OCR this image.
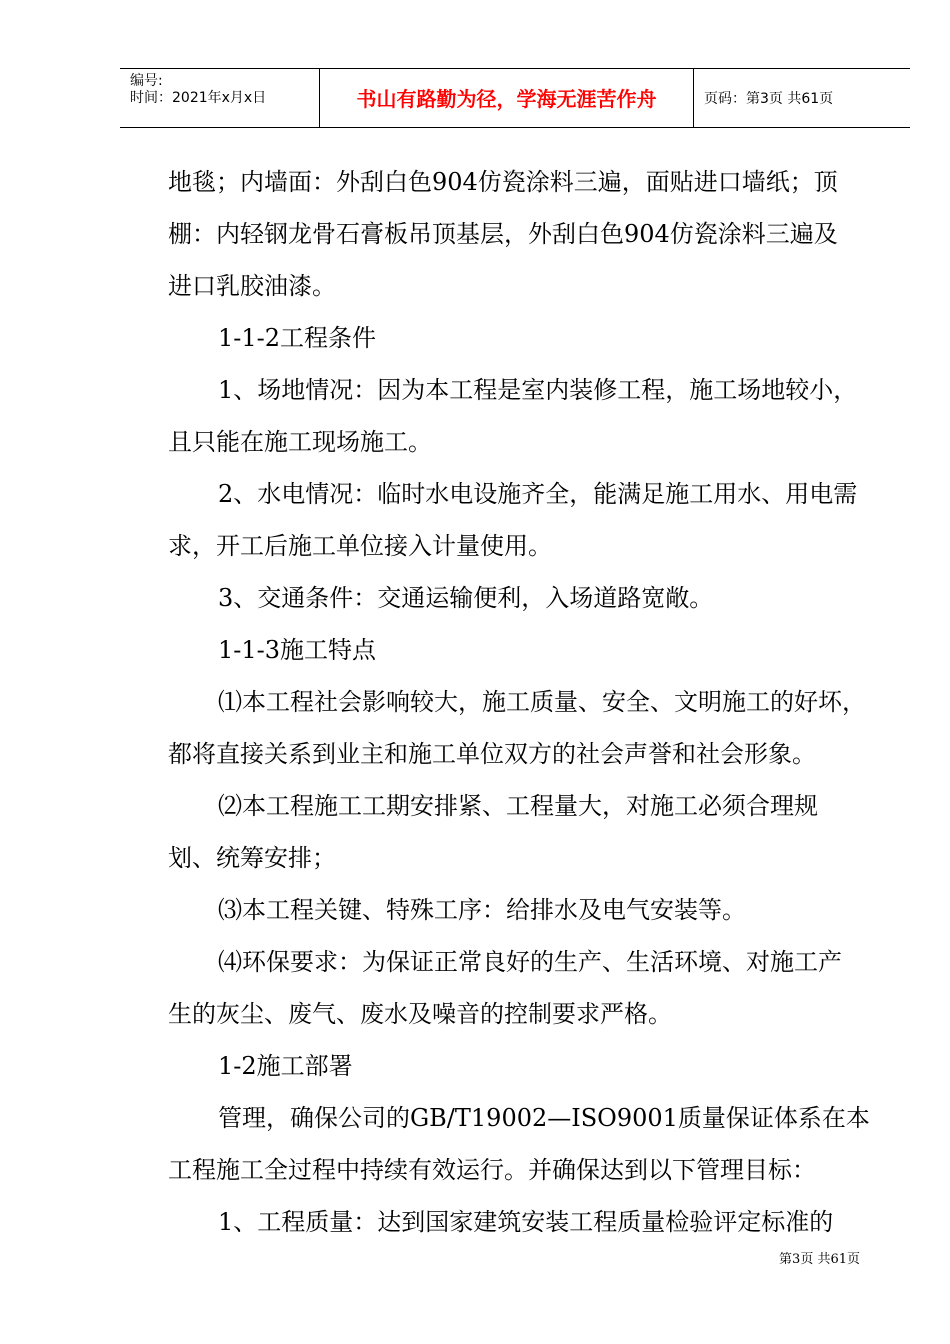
编号:
时间：2021年x月x日	书山有路勤为径，学海无涯苦作舟	页码：第3页 共61页

地毯；内墙面：外刮白色904仿瓷涂料三遍，面贴进口墙纸；顶

棚：内轻钢龙骨石膏板吊顶基层，外刮白色904仿瓷涂料三遍及

进口乳胶油漆。

1-1-2工程条件

1、场地情况：因为本工程是室内装修工程，施工场地较小，

且只能在施工现场施工。

2、水电情况：临时水电设施齐全，能满足施工用水、用电需

求，开工后施工单位接入计量使用。

3、交通条件：交通运输便利，入场道路宽敞。

1-1-3施工特点

⑴本工程社会影响较大，施工质量、安全、文明施工的好坏，

都将直接关系到业主和施工单位双方的社会声誉和社会形象。

⑵本工程施工工期安排紧、工程量大，对施工必须合理规

划、统筹安排；

⑶本工程关键、特殊工序：给排水及电气安装等。

⑷环保要求：为保证正常良好的生产、生活环境、对施工产

生的灰尘、废气、废水及噪音的控制要求严格。

1-2施工部署

管理，确保公司的GB/T19002—ISO9001质量保证体系在本

工程施工全过程中持续有效运行。并确保达到以下管理目标：

1、工程质量：达到国家建筑安装工程质量检验评定标准的

第3页 共61页
